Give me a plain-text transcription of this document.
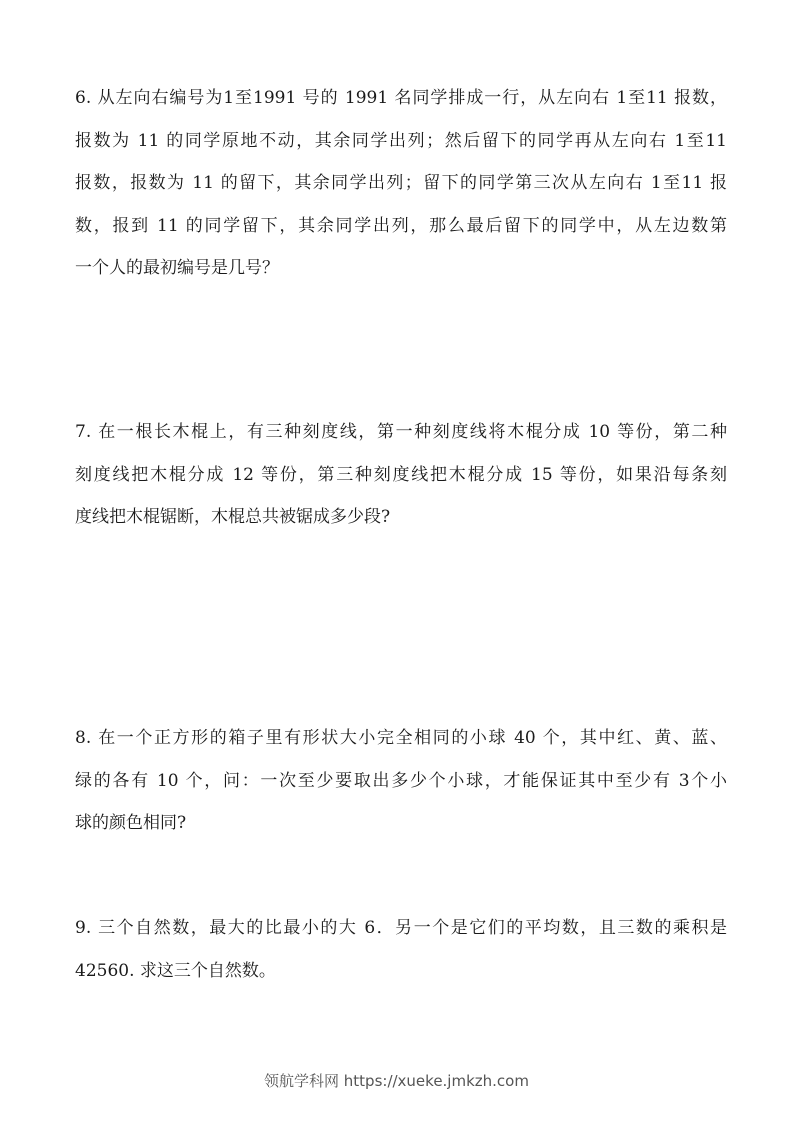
6. 从左向右编号为1至1991 号的 1991 名同学排成一行，从左向右 1至11 报数，
报数为 11 的同学原地不动，其余同学出列；然后留下的同学再从左向右 1至11
报数，报数为 11 的留下，其余同学出列；留下的同学第三次从左向右 1至11 报
数，报到 11 的同学留下，其余同学出列，那么最后留下的同学中，从左边数第
一个人的最初编号是几号？
7. 在一根长木棍上，有三种刻度线，第一种刻度线将木棍分成 10 等份，第二种
刻度线把木棍分成 12 等份，第三种刻度线把木棍分成 15 等份，如果沿每条刻
度线把木棍锯断，木棍总共被锯成多少段?
8. 在一个正方形的箱子里有形状大小完全相同的小球 40 个，其中红、黄、蓝、
绿的各有 10 个，问：一次至少要取出多少个小球，才能保证其中至少有 3个小
球的颜色相同?
9. 三个自然数，最大的比最小的大 6．另一个是它们的平均数，且三数的乘积是
42560. 求这三个自然数。
领航学科网 https://xueke.jmkzh.com
